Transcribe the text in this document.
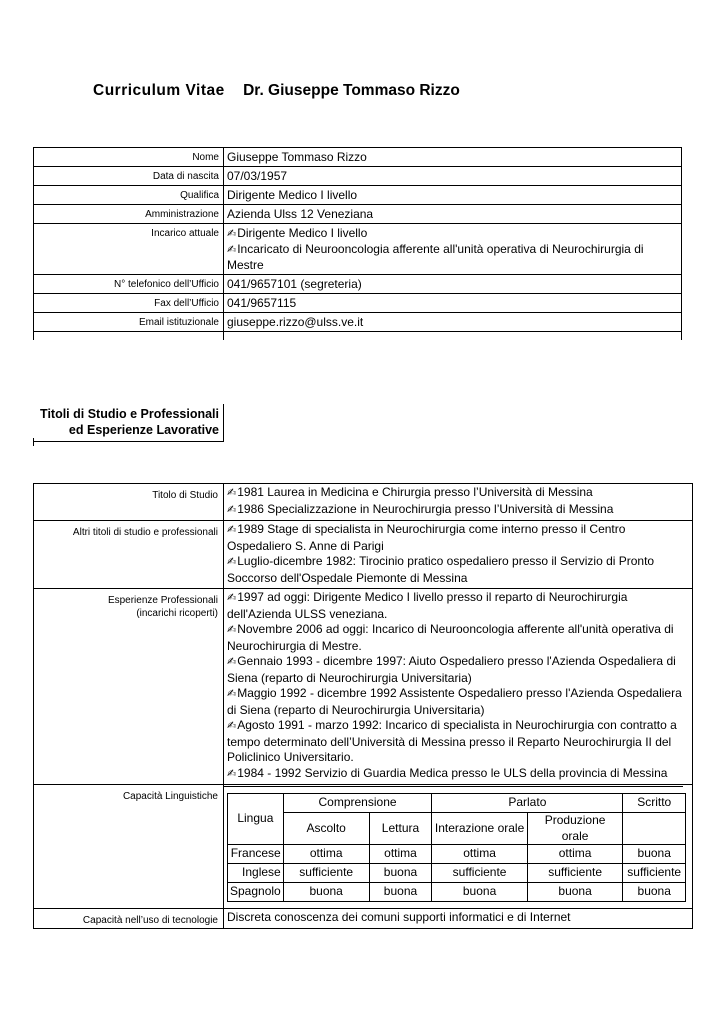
Curriculum Vitae Dr. Giuseppe Tommaso Rizzo
Nome Giuseppe Tommaso Rizzo
Data di nascita 07/03/1957
Qualifica Dirigente Medico I livello
Amministrazione Azienda Ulss 12 Veneziana
Incarico attuale ✍Dirigente Medico I livello

✍Incaricato di Neurooncologia afferente all'unità operativa di Neurochirurgia di Mestre

N° telefonico dell’Ufficio 041/9657101 (segreteria)
Fax dell’Ufficio 041/9657115
Email istituzionale giuseppe.rizzo@ulss.ve.it
Titoli di Studio e Professionali
ed Esperienze Lavorative
Titolo di Studio ✍1981 Laurea in Medicina e Chirurgia presso l’Università di Messina

✍1986 Specializzazione in Neurochirurgia presso l’Università di Messina

Altri titoli di studio e professionali ✍1989 Stage di specialista in Neurochirurgia come interno presso il Centro Ospedaliero S. Anne di Parigi

✍Luglio-dicembre 1982: Tirocinio pratico ospedaliero presso il Servizio di Pronto Soccorso dell'Ospedale Piemonte di Messina

Esperienze Professionali
(incarichi ricoperti)

✍1997 ad oggi: Dirigente Medico I livello presso il reparto di Neurochirurgia dell'Azienda ULSS veneziana.

✍Novembre 2006 ad oggi: Incarico di Neurooncologia afferente all'unità operativa di Neurochirurgia di Mestre.

✍Gennaio 1993 - dicembre 1997: Aiuto Ospedaliero presso l'Azienda Ospedaliera di Siena (reparto di Neurochirurgia Universitaria)

✍Maggio 1992 - dicembre 1992 Assistente Ospedaliero presso l'Azienda Ospedaliera di Siena (reparto di Neurochirurgia Universitaria)

✍Agosto 1991 - marzo 1992: Incarico di specialista in Neurochirurgia con contratto a tempo determinato dell’Università di Messina presso il Reparto Neurochirurgia II del Policlinico Universitario.

✍1984 - 1992 Servizio di Guardia Medica presso le ULS della provincia di Messina

Capacità Linguistiche
Lingua	Comprensione		Parlato		Scritto
	Ascolto	Lettura	Interazione orale	Produzione orale	
Francese	ottima	ottima	ottima	ottima	buona
Inglese	sufficiente	buona	sufficiente	sufficiente	sufficiente
Spagnolo	buona	buona	buona	buona	buona
Capacità nell’uso di tecnologie Discreta conoscenza dei comuni supporti informatici e di Internet
